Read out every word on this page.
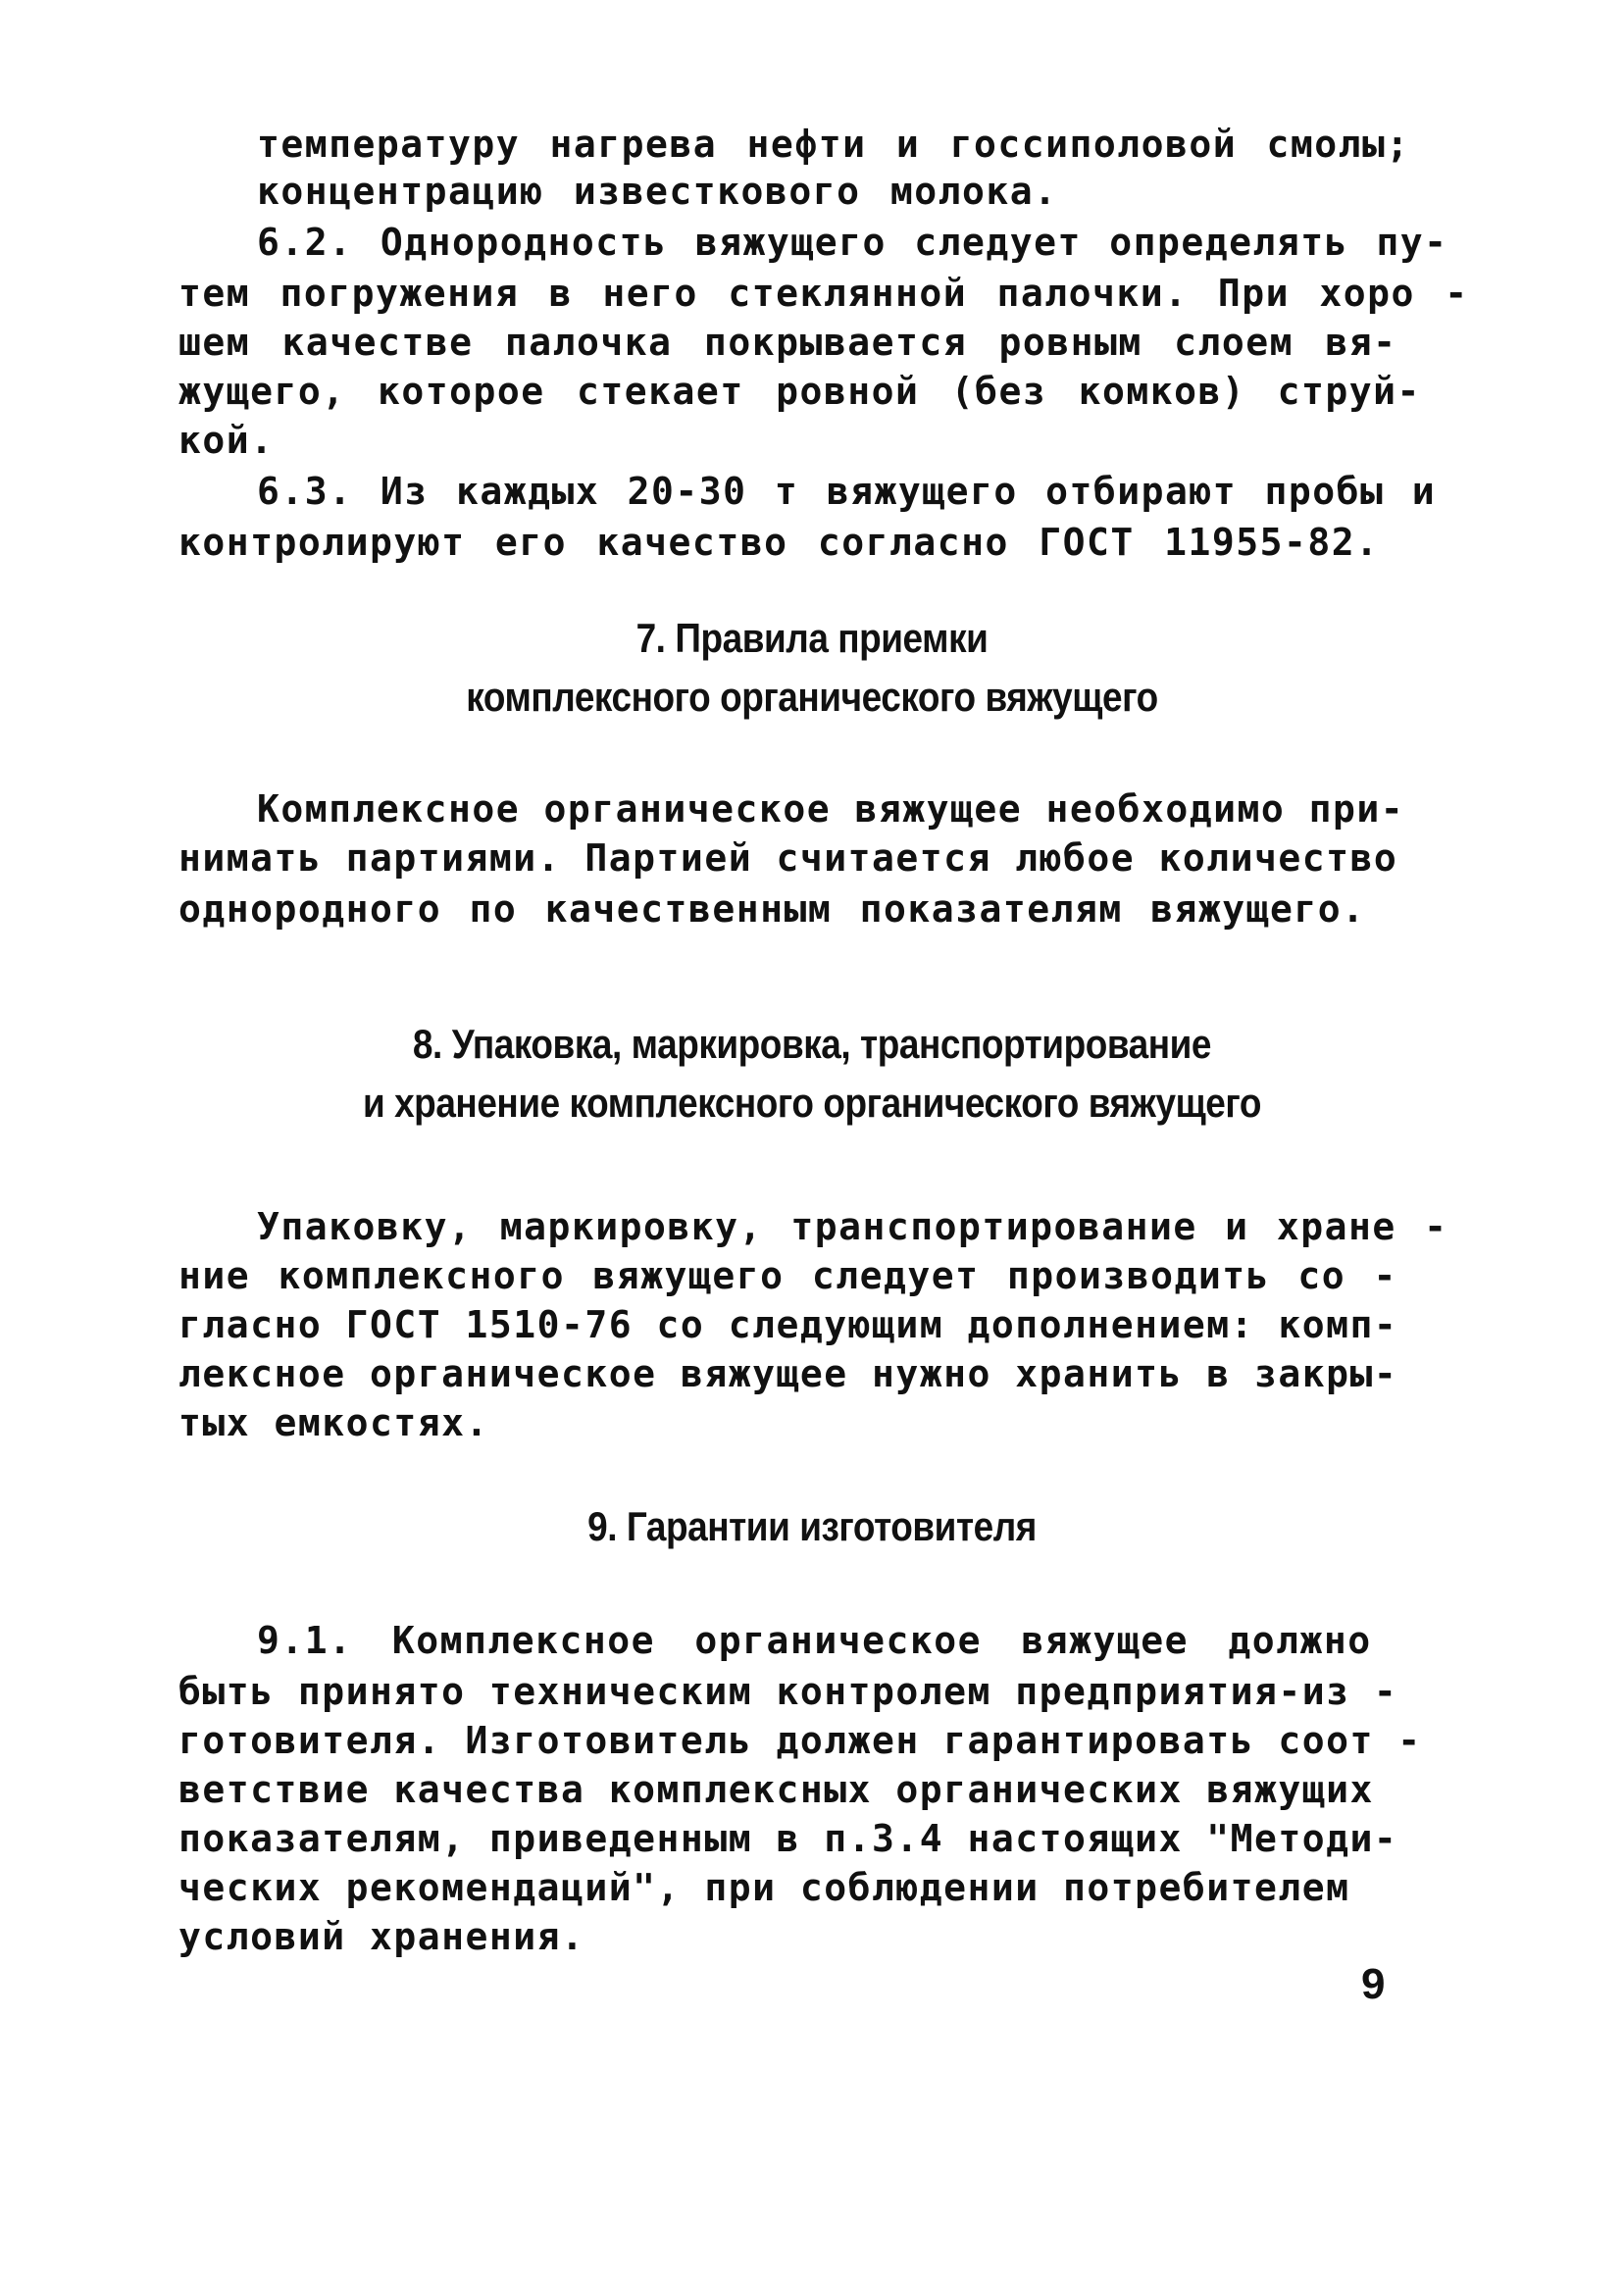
температуру нагрева нефти и госсиполовой смолы;

концентрацию известкового молока.

6.2. Однородность вяжущего следует определять пу-

тем погружения в него стеклянной палочки. При хоро -

шем качестве палочка покрывается ровным слоем вя-

жущего, которое стекает ровной (без комков) струй-

кой.

6.3. Из каждых 20-30 т вяжущего отбирают пробы и

контролируют его качество согласно ГОСТ 11955-82.

7. Правила приемки
комплексного органического вяжущего

Комплексное органическое вяжущее необходимо при-

нимать партиями. Партией считается любое количество

однородного по качественным показателям вяжущего.

8. Упаковка, маркировка, транспортирование
и хранение комплексного органического вяжущего

Упаковку, маркировку, транспортирование и хране -

ние комплексного вяжущего следует производить со -

гласно ГОСТ 1510-76 со следующим дополнением: комп-

лексное органическое вяжущее нужно хранить в закры-

тых емкостях.

9. Гарантии изготовителя

9.1. Комплексное органическое вяжущее должно

быть принято техническим контролем предприятия-из -

готовителя. Изготовитель должен гарантировать соот -

ветствие качества комплексных органических вяжущих

показателям, приведенным в п.3.4 настоящих "Методи-

ческих рекомендаций", при соблюдении потребителем

условий хранения.

9
